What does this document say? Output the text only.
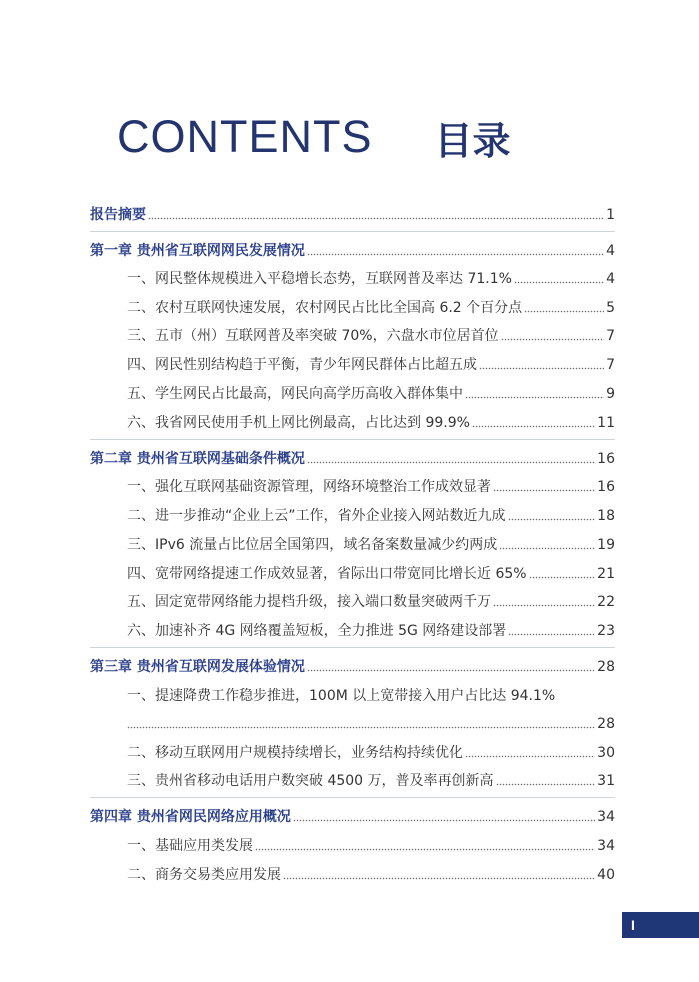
CONTENTS 目录
报告摘要	1
第一章 贵州省互联网网民发展情况	4
一、网民整体规模进入平稳增长态势，互联网普及率达 71.1%	4
二、农村互联网快速发展，农村网民占比比全国高 6.2 个百分点	5
三、五市（州）互联网普及率突破 70%，六盘水市位居首位	7
四、网民性别结构趋于平衡，青少年网民群体占比超五成	7
五、学生网民占比最高，网民向高学历高收入群体集中	9
六、我省网民使用手机上网比例最高，占比达到 99.9%	11
第二章 贵州省互联网基础条件概况	16
一、强化互联网基础资源管理，网络环境整治工作成效显著	16
二、进一步推动“企业上云”工作，省外企业接入网站数近九成	18
三、IPv6 流量占比位居全国第四，域名备案数量减少约两成	19
四、宽带网络提速工作成效显著，省际出口带宽同比增长近 65%	21
五、固定宽带网络能力提档升级，接入端口数量突破两千万	22
六、加速补齐 4G 网络覆盖短板，全力推进 5G 网络建设部署	23
第三章 贵州省互联网发展体验情况	28
一、提速降费工作稳步推进，100M 以上宽带接入用户占比达 94.1%
28
二、移动互联网用户规模持续增长，业务结构持续优化	30
三、贵州省移动电话用户数突破 4500 万，普及率再创新高	31
第四章 贵州省网民网络应用概况	34
一、基础应用类发展	34
二、商务交易类应用发展	40
I
